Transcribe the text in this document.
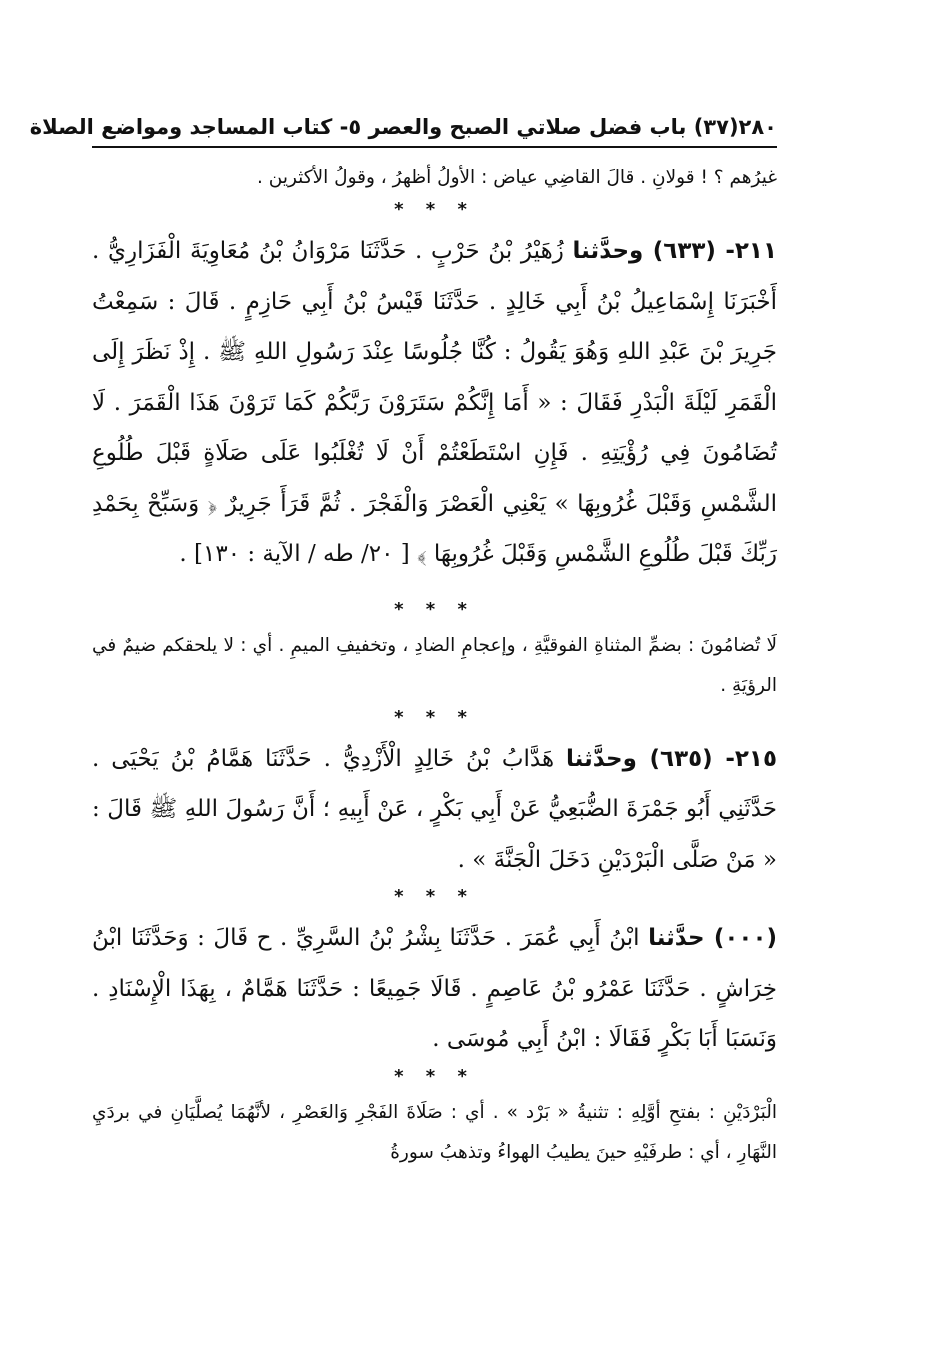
٢٨٠
(٣٧) باب فضل صلاتي الصبح والعصر ٥- كتاب المساجد ومواضع الصلاة

غيرُهم ؟ ! قولانِ . قالَ القاضِي عياض : الأولُ أظهرُ ، وقولُ الأكثرين .

* * *

٢١١- (٦٣٣) وحدَّثنا زُهَيْرُ بْنُ حَرْبٍ . حَدَّثَنَا مَرْوَانُ بْنُ مُعَاوِيَةَ الْفَزَارِيُّ . أَخْبَرَنَا إِسْمَاعِيلُ بْنُ أَبِي خَالِدٍ . حَدَّثَنَا قَيْسُ بْنُ أَبِي حَازِمٍ . قَالَ : سَمِعْتُ جَرِيرَ بْنَ عَبْدِ اللهِ وَهُوَ يَقُولُ : كُنَّا جُلُوسًا عِنْدَ رَسُولِ اللهِ ﷺ . إِذْ نَظَرَ إِلَى الْقَمَرِ لَيْلَةَ الْبَدْرِ فَقَالَ : « أَمَا إِنَّكُمْ سَتَرَوْنَ رَبَّكُمْ كَمَا تَرَوْنَ هَذَا الْقَمَرَ . لَا تُضَامُونَ فِي رُؤْيَتِهِ . فَإِنِ اسْتَطَعْتُمْ أَنْ لَا تُغْلَبُوا عَلَى صَلَاةٍ قَبْلَ طُلُوعِ الشَّمْسِ وَقَبْلَ غُرُوبِهَا » يَعْنِي الْعَصْرَ وَالْفَجْرَ . ثُمَّ قَرَأَ جَرِيرٌ ﴿ وَسَبِّحْ بِحَمْدِ رَبِّكَ قَبْلَ طُلُوعِ الشَّمْسِ وَقَبْلَ غُرُوبِهَا ﴾ [ ٢٠/ طه / الآية : ١٣٠] .

* * *

لَا تُضامُونَ : بضمِّ المثناةِ الفوقيَّةِ ، وإعجامِ الضادِ ، وتخفيفِ الميمِ . أي : لا يلحقكم ضيمٌ في الرؤيَةِ .

* * *

٢١٥- (٦٣٥) وحدَّثنا هَدَّابُ بْنُ خَالِدٍ الْأَزْدِيُّ . حَدَّثَنَا هَمَّامُ بْنُ يَحْيَى . حَدَّثَنِي أَبُو جَمْرَةَ الضُّبَعِيُّ عَنْ أَبِي بَكْرٍ ، عَنْ أَبِيهِ ؛ أَنَّ رَسُولَ اللهِ ﷺ قَالَ : « مَنْ صَلَّى الْبَرْدَيْنِ دَخَلَ الْجَنَّةَ » .

* * *

(٠٠٠) حدَّثنا ابْنُ أَبِي عُمَرَ . حَدَّثَنَا بِشْرُ بْنُ السَّرِيِّ . ح قَالَ : وَحَدَّثَنَا ابْنُ خِرَاشٍ . حَدَّثَنَا عَمْرُو بْنُ عَاصِمٍ . قَالَا جَمِيعًا : حَدَّثَنَا هَمَّامٌ ، بِهَذَا الْإِسْنَادِ . وَنَسَبَا أَبَا بَكْرٍ فَقَالَا : ابْنُ أَبِي مُوسَى .

* * *

الْبَرْدَيْنِ : بفتحِ أوَّلِهِ : تثنيةُ « بَرْد » . أي : صَلَاةَ الفَجْرِ وَالعَصْرِ ، لأنَّهُمَا يُصلَّيَانِ في بردَيِ النَّهَارِ ، أي : طرفَيْهِ حينَ يطيبُ الهواءُ وتذهبُ سورةُ
